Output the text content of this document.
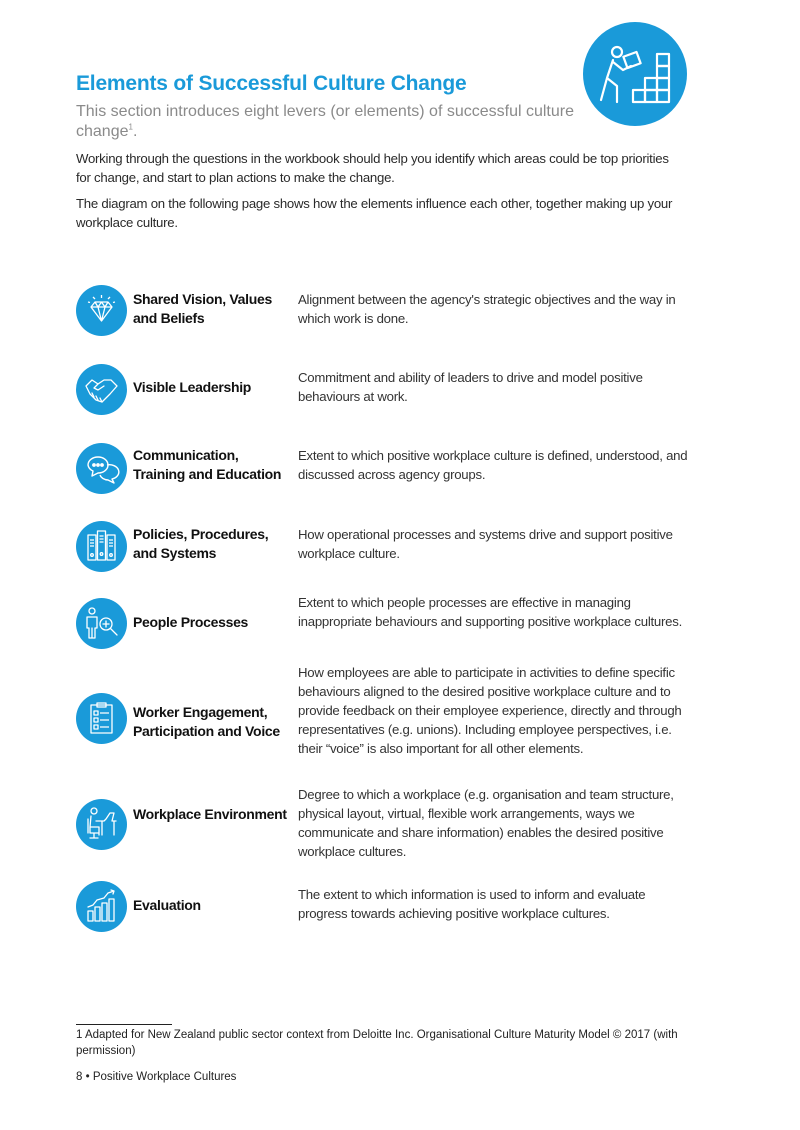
Elements of Successful Culture Change

This section introduces eight levers (or elements) of successful culture change$^1$.

Working through the questions in the workbook should help you identify which areas could be top priorities for change, and start to plan actions to make the change.

The diagram on the following page shows how the elements influence each other, together making up your workplace culture.

Shared Vision, Values and Beliefs
Alignment between the agency's strategic objectives and the way in which work is done.
Visible Leadership
Commitment and ability of leaders to drive and model positive behaviours at work.
Communication, Training and Education
Extent to which positive workplace culture is defined, understood, and discussed across agency groups.
Policies, Procedures, and Systems
How operational processes and systems drive and support positive workplace culture.
People Processes
Extent to which people processes are effective in managing inappropriate behaviours and supporting positive workplace cultures.
Worker Engagement, Participation and Voice
How employees are able to participate in activities to define specific behaviours aligned to the desired positive workplace culture and to provide feedback on their employee experience, directly and through representatives (e.g. unions). Including employee perspectives, i.e. their “voice” is also important for all other elements.
Workplace Environment
Degree to which a workplace (e.g. organisation and team structure, physical layout, virtual, flexible work arrangements, ways we communicate and share information) enables the desired positive workplace cultures.
Evaluation
The extent to which information is used to inform and evaluate progress towards achieving positive workplace cultures.

1 Adapted for New Zealand public sector context from Deloitte Inc. Organisational Culture Maturity Model © 2017 (with permission)

8 • Positive Workplace Cultures
